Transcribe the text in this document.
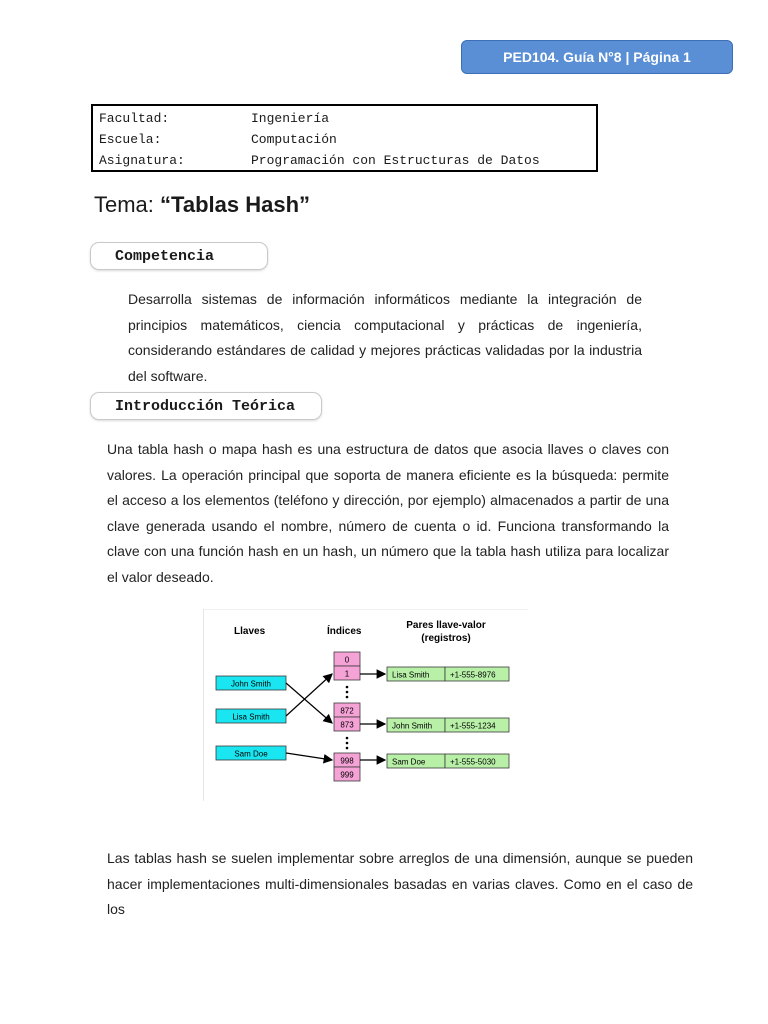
PED104. Guía N°8 | Página 1
Facultad:	Ingeniería
Escuela:	Computación
Asignatura:	Programación con Estructuras de Datos
Tema: “Tablas Hash”
Competencia
Desarrolla sistemas de información informáticos mediante la integración de principios matemáticos, ciencia computacional y prácticas de ingeniería, considerando estándares de calidad y mejores prácticas validadas por la industria del software.
Introducción Teórica
Una tabla hash o mapa hash es una estructura de datos que asocia llaves o claves con valores. La operación principal que soporta de manera eficiente es la búsqueda: permite el acceso a los elementos (teléfono y dirección, por ejemplo) almacenados a partir de una clave generada usando el nombre, número de cuenta o id. Funciona transformando la clave con una función hash en un hash, un número que la tabla hash utiliza para localizar el valor deseado.
Llaves	Índices
Pares llave-valor
(registros)
John Smith
Lisa Smith
Sam Doe
0
1
872
873
998
999
Lisa Smith	+1-555-8976
John Smith +1-555-1234
Sam Doe	+1-555-5030
Las tablas hash se suelen implementar sobre arreglos de una dimensión, aunque se pueden hacer implementaciones multi-dimensionales basadas en varias claves. Como en el caso de los
